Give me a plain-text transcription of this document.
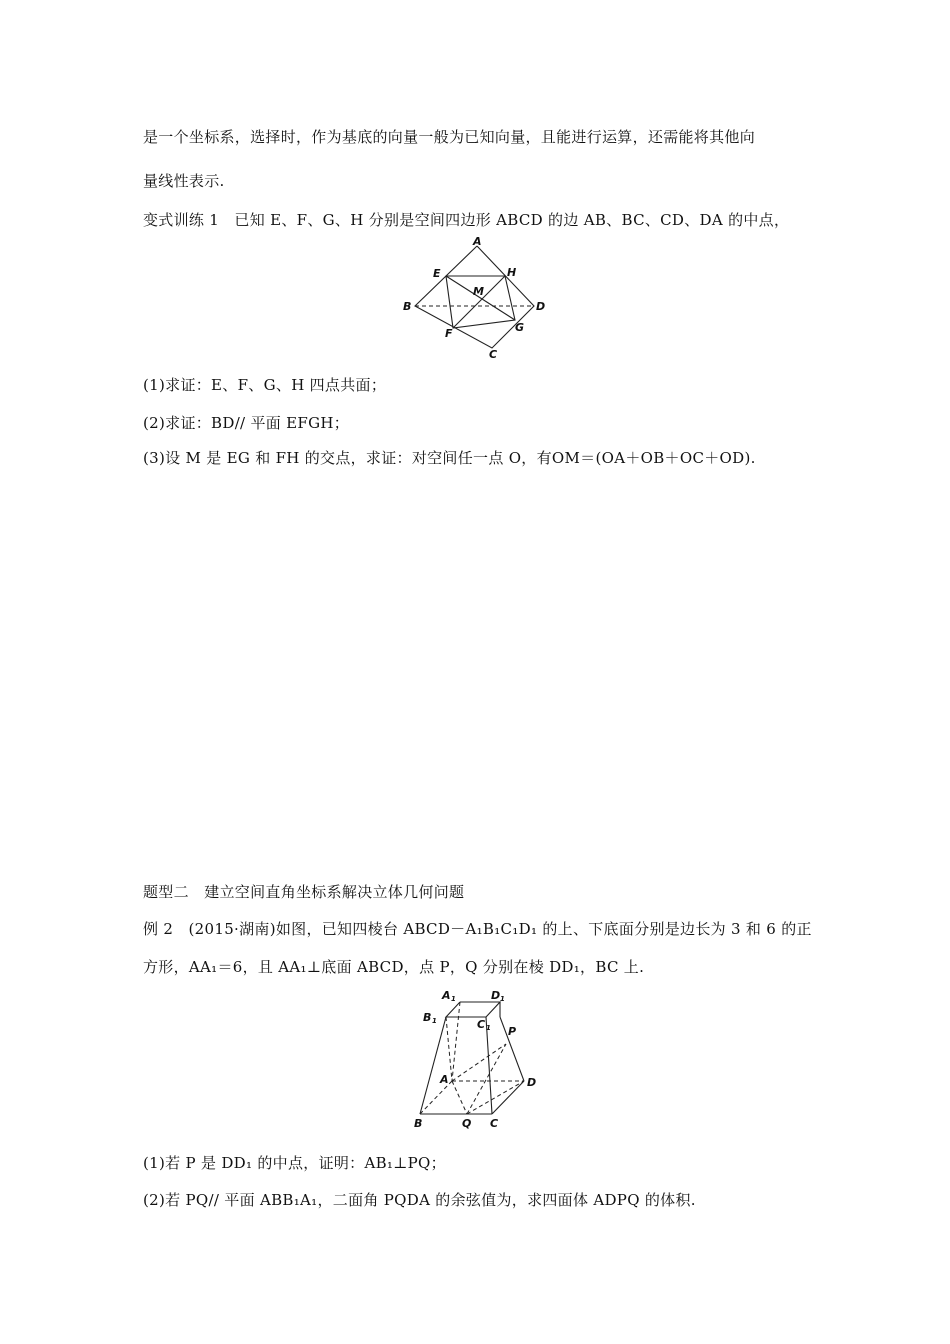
是一个坐标系，选择时，作为基底的向量一般为已知向量，且能进行运算，还需能将其他向
量线性表示.
变式训练 1　已知 E、F、G、H 分别是空间四边形 ABCD 的边 AB、BC、CD、DA 的中点，
A
E	H
M
B	D
F	G
C
(1)求证：E、F、G、H 四点共面；
(2)求证：BD// 平面 EFGH；
(3)设 M 是 EG 和 FH 的交点，求证：对空间任一点 O，有OM＝(OA＋OB＋OC＋OD).
题型二　建立空间直角坐标系解决立体几何问题
例 2　(2015·湖南)如图，已知四棱台 ABCD－A₁B₁C₁D₁ 的上、下底面分别是边长为 3 和 6 的正
方形，AA₁＝6，且 AA₁⊥底面 ABCD，点 P，Q 分别在棱 DD₁，BC 上.
A 1	D 1
B 1	C 1 P
A	D
B	Q C
(1)若 P 是 DD₁ 的中点，证明：AB₁⊥PQ；
(2)若 PQ// 平面 ABB₁A₁，二面角 PQDA 的余弦值为，求四面体 ADPQ 的体积.
